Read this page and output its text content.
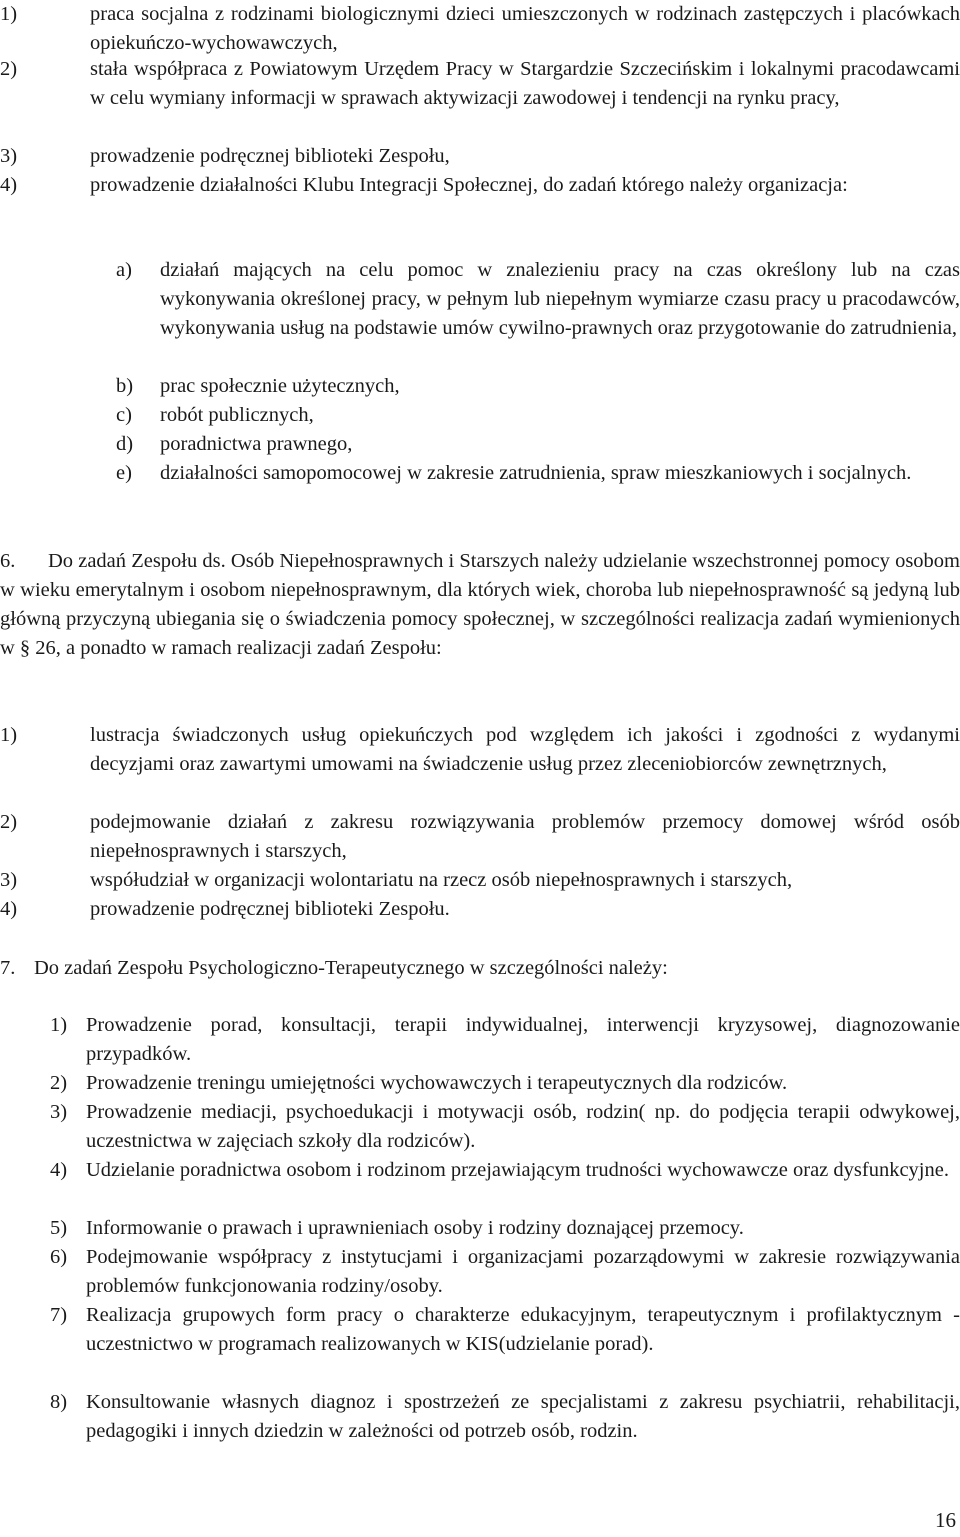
1)	praca socjalna z rodzinami biologicznymi dzieci umieszczonych w rodzinach zastępczych i placówkach opiekuńczo-wychowawczych,
2)	stała współpraca z Powiatowym Urzędem Pracy w Stargardzie Szczecińskim i lokalnymi pracodawcami w celu wymiany informacji w sprawach aktywizacji zawodowej i tendencji na rynku pracy,
3)	prowadzenie podręcznej biblioteki Zespołu,
4)	prowadzenie działalności Klubu Integracji Społecznej, do zadań którego należy organizacja:
a) działań mających na celu pomoc w znalezieniu pracy na czas określony lub na czas wykonywania określonej pracy, w pełnym lub niepełnym wymiarze czasu pracy u pracodawców, wykonywania usług na podstawie umów cywilno-prawnych oraz przygotowanie do zatrudnienia,
b) prac społecznie użytecznych,
c) robót publicznych,
d) poradnictwa prawnego,
e) działalności samopomocowej w zakresie zatrudnienia, spraw mieszkaniowych i socjalnych.
6.	Do zadań Zespołu ds. Osób Niepełnosprawnych i Starszych należy udzielanie wszechstronnej pomocy osobom w wieku emerytalnym i osobom niepełnosprawnym, dla których wiek, choroba lub niepełnosprawność są jedyną lub główną przyczyną ubiegania się o świadczenia pomocy społecznej, w szczególności realizacja zadań wymienionych w § 26, a ponadto w ramach realizacji zadań Zespołu:
1)	lustracja świadczonych usług opiekuńczych pod względem ich jakości i zgodności z wydanymi decyzjami oraz zawartymi umowami na świadczenie usług przez zleceniobiorców zewnętrznych,
2)	podejmowanie działań z zakresu rozwiązywania problemów przemocy domowej wśród osób niepełnosprawnych i starszych,
3)	współudział w organizacji wolontariatu na rzecz osób niepełnosprawnych i starszych,
4)	prowadzenie podręcznej biblioteki Zespołu.
7. Do zadań Zespołu Psychologiczno-Terapeutycznego w szczególności należy:
1) Prowadzenie porad, konsultacji, terapii indywidualnej, interwencji kryzysowej, diagnozowanie przypadków.
2) Prowadzenie treningu umiejętności wychowawczych i terapeutycznych dla rodziców.
3) Prowadzenie mediacji, psychoedukacji i motywacji osób, rodzin( np. do podjęcia terapii odwykowej, uczestnictwa w zajęciach szkoły dla rodziców).
4) Udzielanie poradnictwa osobom i rodzinom przejawiającym trudności wychowawcze oraz dysfunkcyjne.
5) Informowanie o prawach i uprawnieniach osoby i rodziny doznającej przemocy.
6) Podejmowanie współpracy z instytucjami i organizacjami pozarządowymi w zakresie rozwiązywania problemów funkcjonowania rodziny/osoby.
7) Realizacja grupowych form pracy o charakterze edukacyjnym, terapeutycznym i profilaktycznym - uczestnictwo w programach realizowanych w KIS(udzielanie porad).
8) Konsultowanie własnych diagnoz i spostrzeżeń ze specjalistami z zakresu psychiatrii, rehabilitacji, pedagogiki i innych dziedzin w zależności od potrzeb osób, rodzin.
16
